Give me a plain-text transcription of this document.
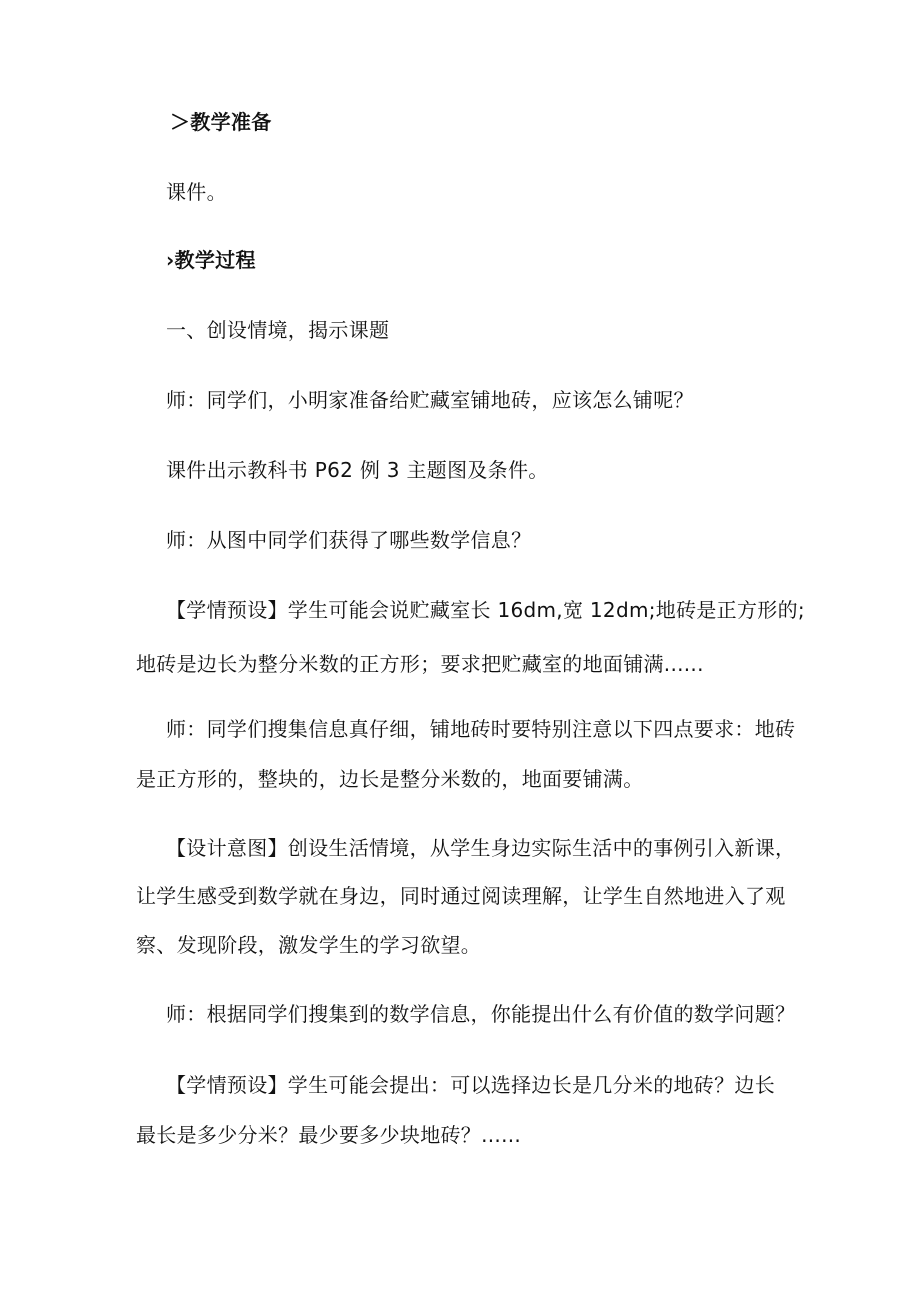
＞教学准备
课件。
›教学过程
一、创设情境，揭示课题
师：同学们，小明家准备给贮藏室铺地砖，应该怎么铺呢？
课件出示教科书 P62 例 3 主题图及条件。
师：从图中同学们获得了哪些数学信息？
【学情预设】学生可能会说贮藏室长 16dm,宽 12dm;地砖是正方形的;
地砖是边长为整分米数的正方形；要求把贮藏室的地面铺满......
师：同学们搜集信息真仔细，铺地砖时要特别注意以下四点要求：地砖
是正方形的，整块的，边长是整分米数的，地面要铺满。
【设计意图】创设生活情境，从学生身边实际生活中的事例引入新课，
让学生感受到数学就在身边，同时通过阅读理解，让学生自然地进入了观
察、发现阶段，激发学生的学习欲望。
师：根据同学们搜集到的数学信息，你能提出什么有价值的数学问题？
【学情预设】学生可能会提出：可以选择边长是几分米的地砖？边长
最长是多少分米？最少要多少块地砖？......
